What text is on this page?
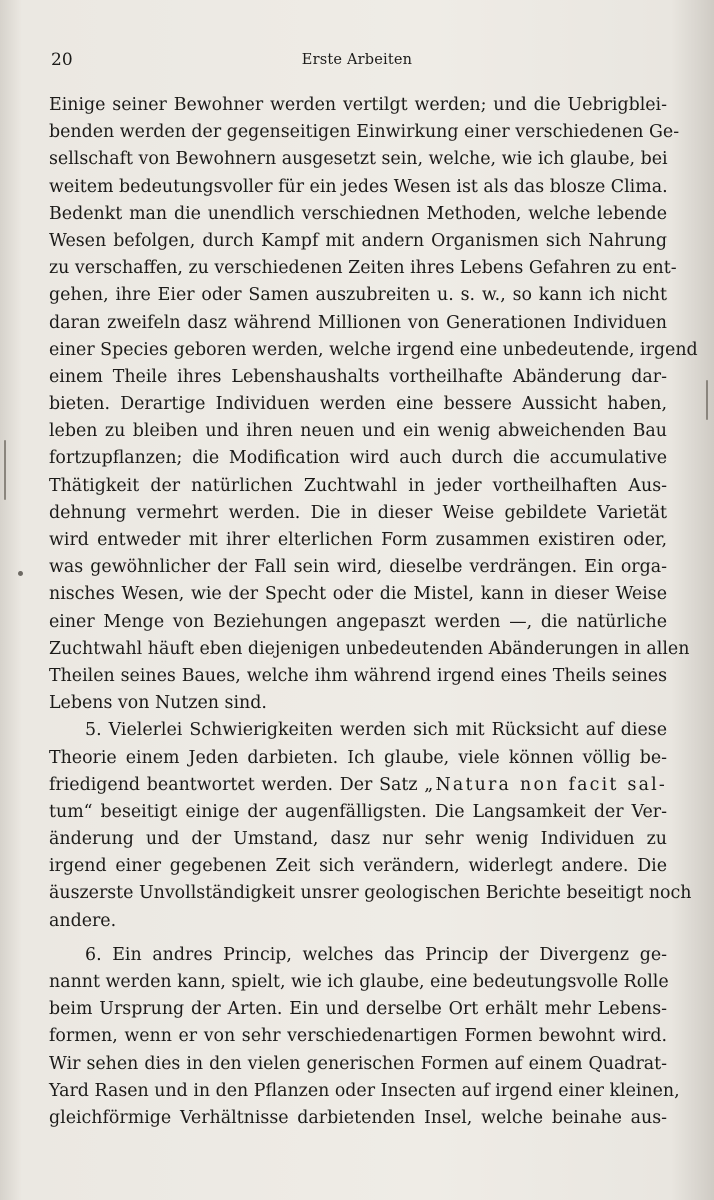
20	Erste Arbeiten
Einige seiner Bewohner werden vertilgt werden; und die Uebrigblei-
benden werden der gegenseitigen Einwirkung einer verschiedenen Ge-
sellschaft von Bewohnern ausgesetzt sein, welche, wie ich glaube, bei
weitem bedeutungsvoller für ein jedes Wesen ist als das blosze Clima.
Bedenkt man die unendlich verschiednen Methoden, welche lebende
Wesen befolgen, durch Kampf mit andern Organismen sich Nahrung
zu verschaffen, zu verschiedenen Zeiten ihres Lebens Gefahren zu ent-
gehen, ihre Eier oder Samen auszubreiten u. s. w., so kann ich nicht
daran zweifeln dasz während Millionen von Generationen Individuen
einer Species geboren werden, welche irgend eine unbedeutende, irgend
einem Theile ihres Lebenshaushalts vortheilhafte Abänderung dar-
bieten. Derartige Individuen werden eine bessere Aussicht haben,
leben zu bleiben und ihren neuen und ein wenig abweichenden Bau
fortzupflanzen; die Modification wird auch durch die accumulative
Thätigkeit der natürlichen Zuchtwahl in jeder vortheilhaften Aus-
dehnung vermehrt werden. Die in dieser Weise gebildete Varietät
wird entweder mit ihrer elterlichen Form zusammen existiren oder,
was gewöhnlicher der Fall sein wird, dieselbe verdrängen. Ein orga-
nisches Wesen, wie der Specht oder die Mistel, kann in dieser Weise
einer Menge von Beziehungen angepaszt werden —, die natürliche
Zuchtwahl häuft eben diejenigen unbedeutenden Abänderungen in allen
Theilen seines Baues, welche ihm während irgend eines Theils seines
Lebens von Nutzen sind.
5. Vielerlei Schwierigkeiten werden sich mit Rücksicht auf diese
Theorie einem Jeden darbieten. Ich glaube, viele können völlig be-
friedigend beantwortet werden. Der Satz „Natura non facit sal-
tum“ beseitigt einige der augenfälligsten. Die Langsamkeit der Ver-
änderung und der Umstand, dasz nur sehr wenig Individuen zu
irgend einer gegebenen Zeit sich verändern, widerlegt andere. Die
äuszerste Unvollständigkeit unsrer geologischen Berichte beseitigt noch
andere.
6. Ein andres Princip, welches das Princip der Divergenz ge-
nannt werden kann, spielt, wie ich glaube, eine bedeutungsvolle Rolle
beim Ursprung der Arten. Ein und derselbe Ort erhält mehr Lebens-
formen, wenn er von sehr verschiedenartigen Formen bewohnt wird.
Wir sehen dies in den vielen generischen Formen auf einem Quadrat-
Yard Rasen und in den Pflanzen oder Insecten auf irgend einer kleinen,
gleichförmige Verhältnisse darbietenden Insel, welche beinahe aus-
